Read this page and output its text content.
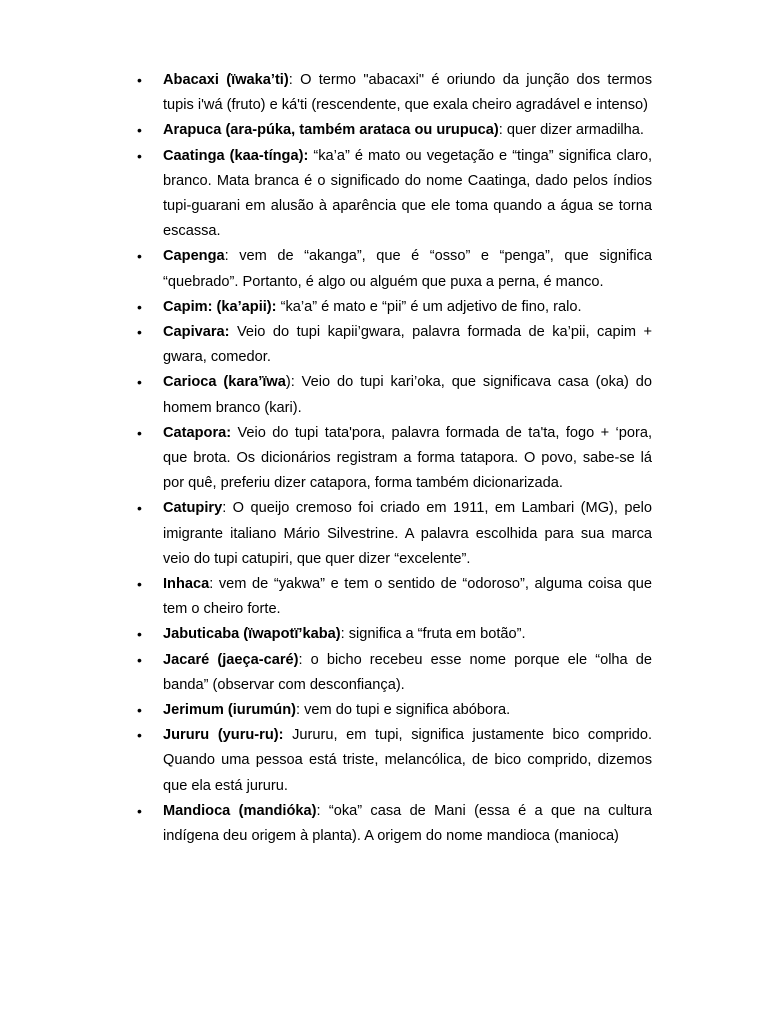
•	Abacaxi (ïwaka’ti): O termo "abacaxi" é oriundo da junção dos termos tupis i'wá (fruto) e ká'ti (rescendente, que exala cheiro agradável e intenso)
•	Arapuca (ara-púka, também arataca ou urupuca): quer dizer armadilha.
•	Caatinga (kaa-tínga): “ka’a” é mato ou vegetação e “tinga” significa claro, branco. Mata branca é o significado do nome Caatinga, dado pelos índios tupi-guarani em alusão à aparência que ele toma quando a água se torna escassa.
•	Capenga: vem de “akanga”, que é “osso” e “penga”, que significa “quebrado”. Portanto, é algo ou alguém que puxa a perna, é manco.
•	Capim: (ka’apii): “ka’a” é mato e “pii” é um adjetivo de fino, ralo.
•	Capivara: Veio do tupi kapii’gwara, palavra formada de ka’pii, capim + gwara, comedor.
•	Carioca (kara’ïwa): Veio do tupi kari’oka, que significava casa (oka) do homem branco (kari).
•	Catapora: Veio do tupi tata'pora, palavra formada de ta'ta, fogo + ‘pora, que brota. Os dicionários registram a forma tatapora. O povo, sabe-se lá por quê, preferiu dizer catapora, forma também dicionarizada.
•	Catupiry: O queijo cremoso foi criado em 1911, em Lambari (MG), pelo imigrante italiano Mário Silvestrine. A palavra escolhida para sua marca veio do tupi catupiri, que quer dizer “excelente”.
•	Inhaca: vem de “yakwa” e tem o sentido de “odoroso”, alguma coisa que tem o cheiro forte.
•	Jabuticaba (ïwapotï’kaba): significa a “fruta em botão”.
•	Jacaré (jaeça-caré): o bicho recebeu esse nome porque ele “olha de banda” (observar com desconfiança).
•	Jerimum (iurumún): vem do tupi e significa abóbora.
•	Jururu (yuru-ru): Jururu, em tupi, significa justamente bico comprido. Quando uma pessoa está triste, melancólica, de bico comprido, dizemos que ela está jururu.
•	Mandioca (mandióka): “oka” casa de Mani (essa é a que na cultura indígena deu origem à planta). A origem do nome mandioca (manioca)
